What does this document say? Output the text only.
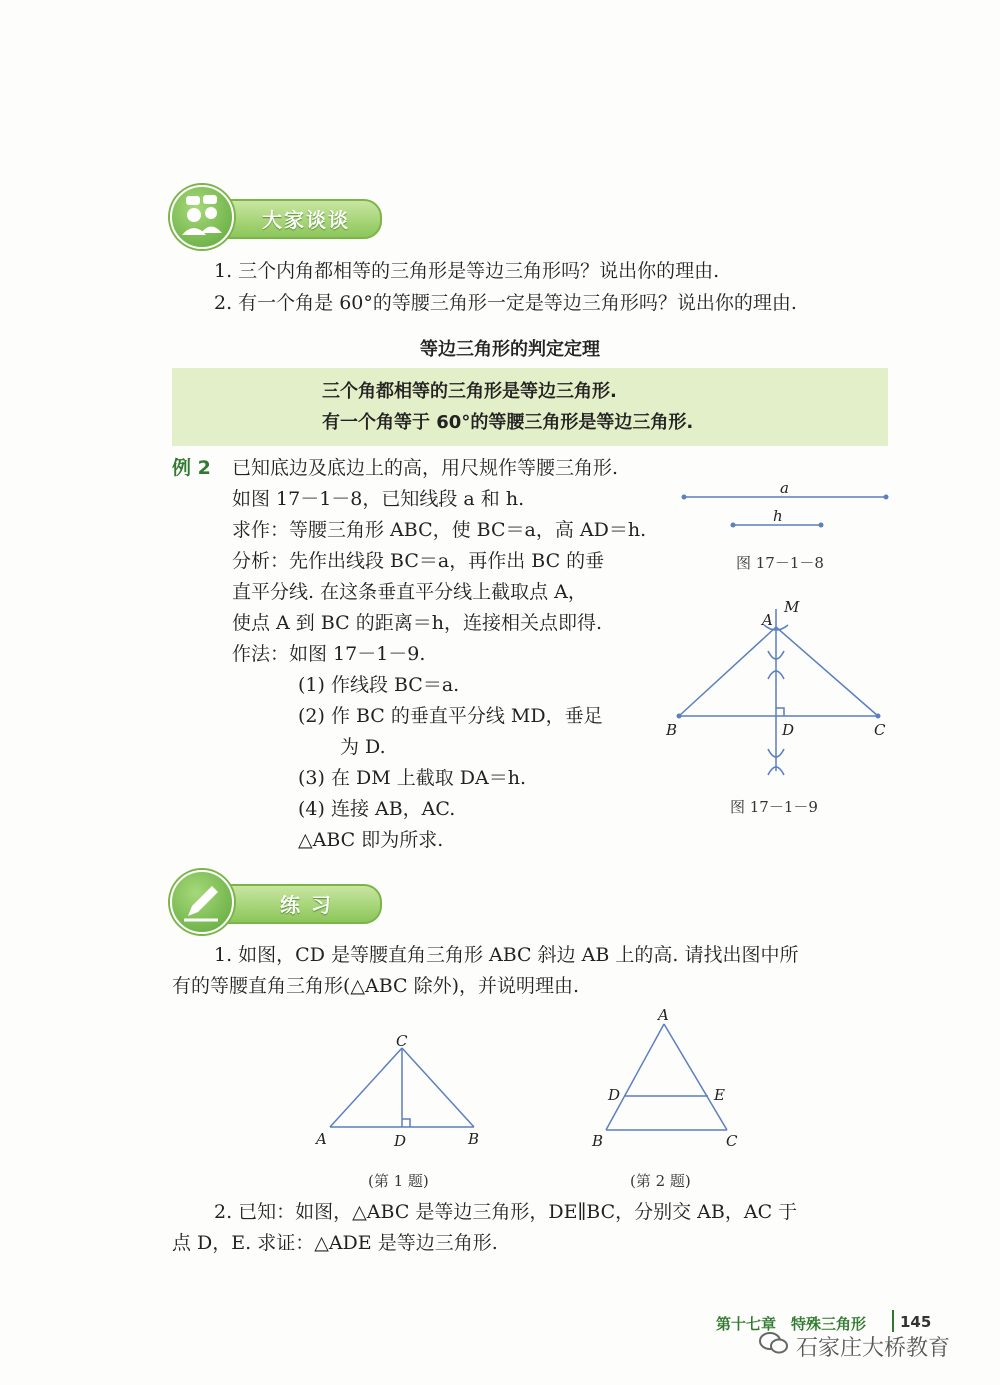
大家谈谈
1. 三个内角都相等的三角形是等边三角形吗？说出你的理由.
2. 有一个角是 60°的等腰三角形一定是等边三角形吗？说出你的理由.
等边三角形的判定定理
三个角都相等的三角形是等边三角形.
有一个角等于 60°的等腰三角形是等边三角形.
例 2 已知底边及底边上的高，用尺规作等腰三角形.
如图 17－1－8，已知线段 a 和 h.
求作：等腰三角形 ABC，使 BC＝a，高 AD＝h.
分析：先作出线段 BC＝a，再作出 BC 的垂
直平分线. 在这条垂直平分线上截取点 A，
使点 A 到 BC 的距离＝h，连接相关点即得.
作法：如图 17－1－9.
(1) 作线段 BC＝a.
(2) 作 BC 的垂直平分线 MD，垂足
为 D.
(3) 在 DM 上截取 DA＝h.
(4) 连接 AB，AC.
△ABC 即为所求.
a
h
图 17－1－8
A
M
B	C
D
图 17－1－9
练 习
1. 如图，CD 是等腰直角三角形 ABC 斜边 AB 上的高. 请找出图中所
有的等腰直角三角形(△ABC 除外)，并说明理由.
C
A	D	B
(第 1 题)
A
D	E
B	C
(第 2 题)
2. 已知：如图，△ABC 是等边三角形，DE∥BC，分别交 AB，AC 于
点 D，E. 求证：△ADE 是等边三角形.
第十七章　特殊三角形 145
石家庄大桥教育
